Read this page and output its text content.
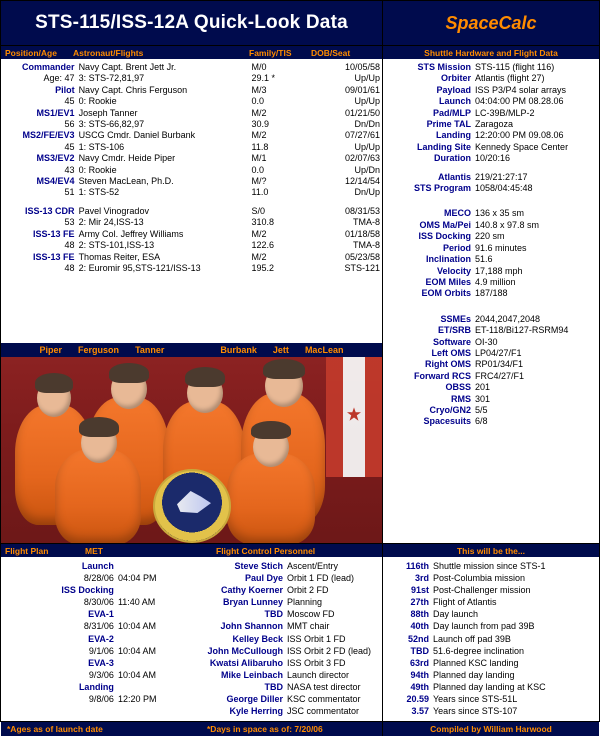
STS-115/ISS-12A Quick-Look Data	SpaceCalc
Position/Age Astronaut/Flights	Family/TIS DOB/Seat	Shuttle Hardware and Flight Data
Commander	Navy Capt. Brent Jett Jr.	M/0	10/05/58
Age: 47	3: STS-72,81,97	29.1 *	Up/Up
Pilot	Navy Capt. Chris Ferguson	M/3	09/01/61
45	0: Rookie	0.0	Up/Up
MS1/EV1	Joseph Tanner	M/2	01/21/50
56	3: STS-66,82,97	30.9	Dn/Dn
MS2/FE/EV3	USCG Cmdr. Daniel Burbank	M/2	07/27/61
45	1: STS-106	11.8	Up/Up
MS3/EV2	Navy Cmdr. Heide Piper	M/1	02/07/63
43	0: Rookie	0.0	Up/Dn
MS4/EV4	Steven MacLean, Ph.D.	M/?	12/14/54
51	1: STS-52	11.0	Dn/Up

ISS-13 CDR	Pavel Vinogradov	S/0	08/31/53
53	2: Mir 24,ISS-13	310.8	TMA-8
ISS-13 FE	Army Col. Jeffrey Williams	M/2	01/18/58
48	2: STS-101,ISS-13	122.6	TMA-8
ISS-13 FE	Thomas Reiter, ESA	M/2	05/23/58
48	2: Euromir 95,STS-121/ISS-13	195.2	STS-121
Piper Ferguson Tanner	Burbank Jett MacLean
STS Mission	STS-115 (flight 116)
Orbiter	Atlantis (flight 27)
Payload	ISS P3/P4 solar arrays
Launch	04:04:00 PM 08.28.06
Pad/MLP	LC-39B/MLP-2
Prime TAL	Zaragoza
Landing	12:20:00 PM 09.08.06
Landing Site	Kennedy Space Center
Duration	10/20:16

Atlantis	219/21:27:17
STS Program	1058/04:45:48

MECO	136 x 35 sm
OMS Ma/Pei	140.8 x 97.8 sm
ISS Docking	220 sm
Period	91.6 minutes
Inclination	51.6
Velocity	17,188 mph
EOM Miles	4.9 million
EOM Orbits	187/188

SSMEs	2044,2047,2048
ET/SRB	ET-118/Bi127-RSRM94
Software	OI-30
Left OMS	LP04/27/F1
Right OMS	RP01/34/F1
Forward RCS	FRC4/27/F1
OBSS	201
RMS	301
Cryo/GN2	5/5
Spacesuits	6/8
Flight Plan	MET	Flight Control Personnel	This will be the...
Launch	
8/28/06	04:04 PM
ISS Docking	
8/30/06	11:40 AM
EVA-1	
8/31/06	10:04 AM
EVA-2	
9/1/06	10:04 AM
EVA-3	
9/3/06	10:04 AM
Landing	
9/8/06	12:20 PM
Steve Stich	Ascent/Entry
Paul Dye	Orbit 1 FD (lead)
Cathy Koerner	Orbit 2 FD
Bryan Lunney	Planning
TBD	Moscow FD
John Shannon	MMT chair
Kelley Beck	ISS Orbit 1 FD
John McCullough	ISS Orbit 2 FD (lead)
Kwatsi Alibaruho	ISS Orbit 3 FD
Mike Leinbach	Launch director
TBD	NASA test director
George Diller	KSC commentator
Kyle Herring	JSC commentator
116th	Shuttle mission since STS-1
3rd	Post-Columbia mission
91st	Post-Challenger mission
27th	Flight of Atlantis
88th	Day launch
40th	Day launch from pad 39B
52nd	Launch off pad 39B
TBD	51.6-degree inclination
63rd	Planned KSC landing
94th	Planned day landing
49th	Planned day landing at KSC
20.59	Years since STS-51L
3.57	Years since STS-107
*Ages as of launch date	*Days in space as of: 7/20/06	Compiled by William Harwood
